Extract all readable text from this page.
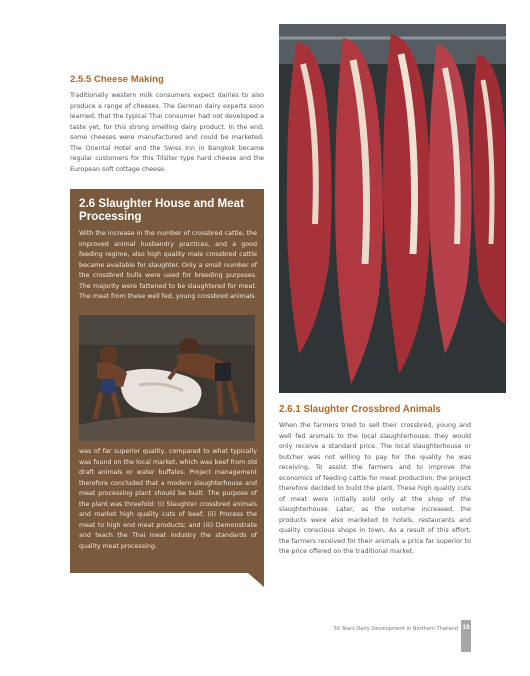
2.5.5 Cheese Making

Traditionally western milk consumers expect dairies to also produce a range of cheeses. The German dairy experts soon learned, that the typical Thai consumer had not developed a taste yet, for this strong smelling dairy product. In the end, some cheeses were manufactured and could be marketed. The Oriental Hotel and the Swiss Inn in Bangkok became regular customers for this Tilsiter type hard cheese and the European soft cottage cheese.

2.6 Slaughter House and Meat Processing

With the increase in the number of crossbred cattle, the improved animal husbandry practices, and a good feeding regime, also high quality male crossbred cattle became available for slaughter. Only a small number of the crossbred bulls were used for breeding purposes. The majority were fattened to be slaughtered for meat. The meat from these well fed, young crossbred animals

was of far superior quality, compared to what typically was found on the local market, which was beef from old draft animals or water buffalos. Project management therefore concluded that a modern slaughterhouse and meat processing plant should be built. The purpose of the plant was threefold: (i) Slaughter crossbred animals and market high quality cuts of beef; (ii) Process the meat to high end meat products; and (iii) Demonstrate and teach the Thai meat industry the standards of quality meat processing.

2.6.1 Slaughter Crossbred Animals

When the farmers tried to sell their crossbred, young and well fed animals to the local slaughterhouse, they would only receive a standard price. The local slaughterhouse or butcher was not willing to pay for the quality he was receiving. To assist the farmers and to improve the economics of feeding cattle for meat production, the project therefore decided to build the plant. These high quality cuts of meat were initially sold only at the shop of the slaughterhouse. Later, as the volume increased, the products were also marketed to hotels, restaurants and quality conscious shops in town. As a result of this effort, the farmers received for their animals a price far superior to the price offered on the traditional market.

50 Years Dairy Development in Northern Thailand 19
